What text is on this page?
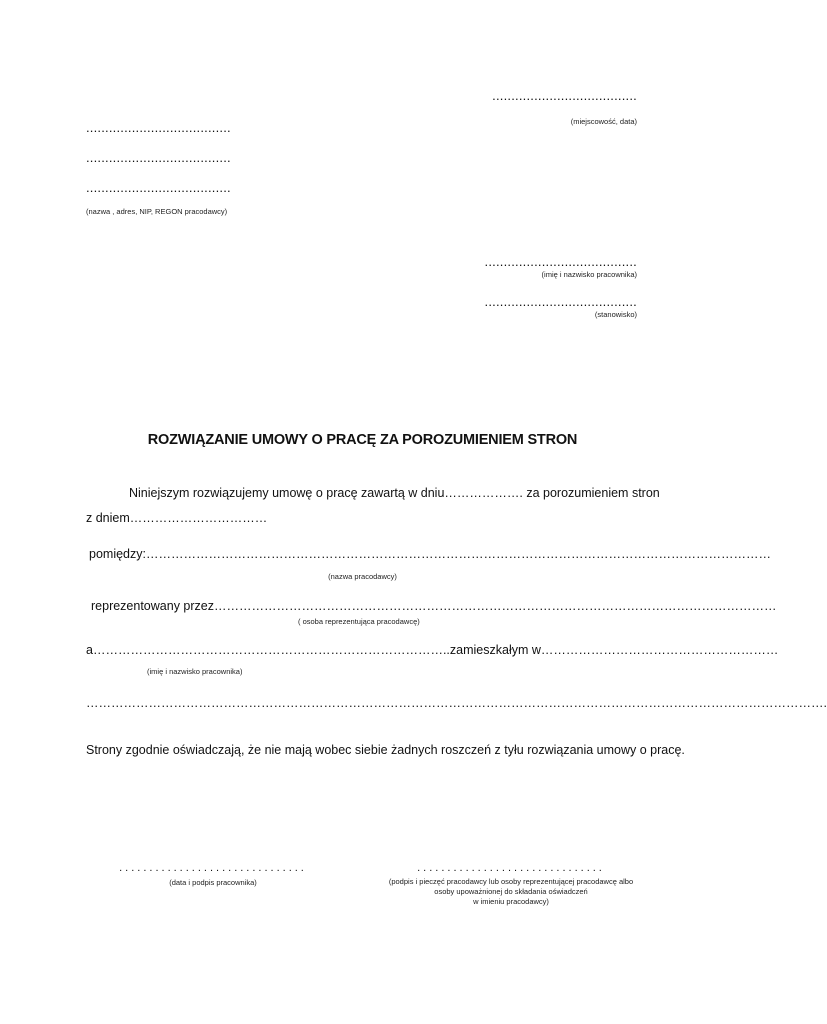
......................................
(miejscowość, data)
......................................
......................................
......................................
(nazwa , adres, NIP, REGON pracodawcy)
........................................
(imię i nazwisko pracownika)
........................................
(stanowisko)
ROZWIĄZANIE UMOWY O PRACĘ ZA POROZUMIENIEM STRON
Niniejszym rozwiązujemy umowę o pracę zawartą w dniu………………. za porozumieniem stron
z dniem……………………………
pomiędzy:……………………………………………………………………………………………………………………………………
(nazwa pracodawcy)
reprezentowany przez………………………………………………………………………………………………………………………
( osoba reprezentująca pracodawcę)
a…………………………………………………………………………..zamieszkałym w…………………………………………………
(imię i nazwisko pracownika)
…………………………………………………………………………………………………………………………………………………………….
Strony zgodnie oświadczają, że nie mają wobec siebie żadnych roszczeń z tyłu rozwiązania umowy o pracę.
...............................
(data i podpis pracownika)
...............................
(podpis i pieczęć pracodawcy lub osoby reprezentującej pracodawcę albo
osoby upoważnionej do składania oświadczeń
w imieniu pracodawcy)
